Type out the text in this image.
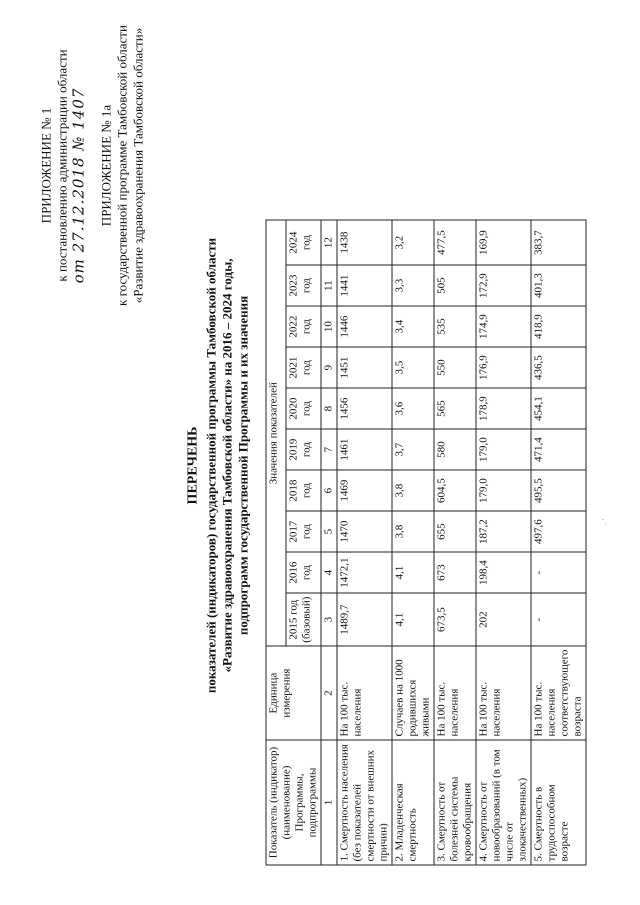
ПРИЛОЖЕНИЕ № 1 к постановлению администрации области от 27.12.2018 № 1407 ПРИЛОЖЕНИЕ № 1а к государственной программе Тамбовской области «Развитие здравоохранения Тамбовской области»
ПЕРЕЧЕНЬ показателей (индикаторов) государственной программы Тамбовской области «Развитие здравоохранения Тамбовской области» на 2016 – 2024 годы, подпрограмм государственной Программы и их значения
Показатель (индикатор) (наименование) Программы, подпрограммы	Единица измерения	Значения показателей									
		2015 год (базовый)	2016 год	2017 год	2018 год	2019 год	2020 год	2021 год	2022 год	2023 год	2024 год
1	2	3	4	5	6	7	8	9	10	11	12
1. Смертность населения (без показателей смертности от внешних причин)	На 100 тыс. населения	1489,7	1472,1	1470	1469	1461	1456	1451	1446	1441	1438
2. Младенческая смертность	Случаев на 1000 родившихся живыми	4,1	4,1	3,8	3,8	3,7	3,6	3,5	3,4	3,3	3,2
3. Смертность от болезней системы кровообращения	На 100 тыс. населения	673,5	673	655	604,5	580	565	550	535	505	477,5
4. Смертность от новообразований (в том числе от злокачественных)	На 100 тыс. населения	202	198,4	187,2	179,0	179,0	178,9	176,9	174,9	172,9	169,9
5. Смертность в трудоспособном возрасте	На 100 тыс. населения соответствующего возраста	-	-	497,6	495,5	471,4	454,1	436,5	418,9	401,3	383,7
· '
